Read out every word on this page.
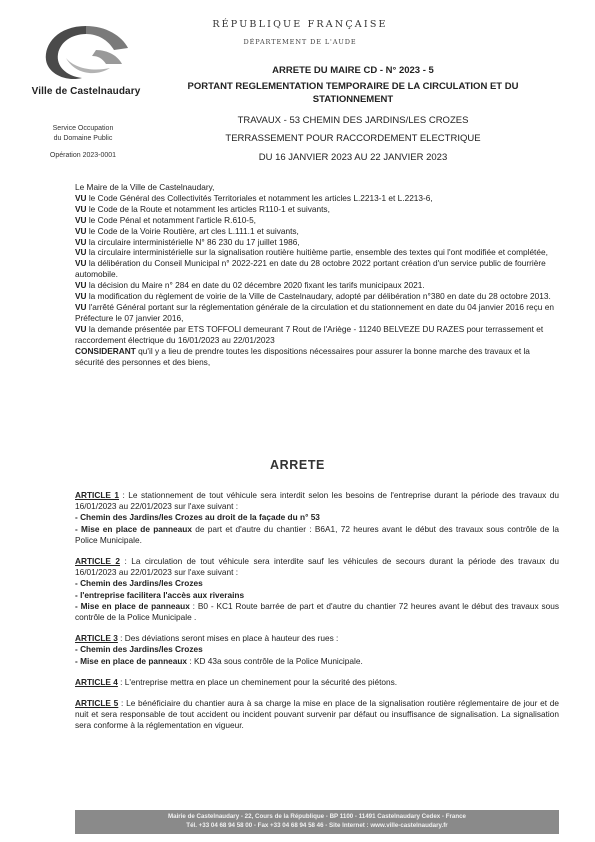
Ville de Castelnaudary
RÉPUBLIQUE FRANÇAISE
DÉPARTEMENT DE L'AUDE

ARRETE DU MAIRE CD - N° 2023 - 5

PORTANT REGLEMENTATION TEMPORAIRE DE LA CIRCULATION ET DU STATIONNEMENT

TRAVAUX - 53 CHEMIN DES JARDINS/LES CROZES

TERRASSEMENT POUR RACCORDEMENT ELECTRIQUE

DU 16 JANVIER 2023 AU 22 JANVIER 2023

Service Occupation
du Domaine Public
Opération 2023-0001

Le Maire de la Ville de Castelnaudary,

VU le Code Général des Collectivités Territoriales et notamment les articles L.2213-1 et L.2213-6,

VU le Code de la Route et notamment les articles R110-1 et suivants,

VU le Code Pénal et notamment l'article R.610-5,

VU le Code de la Voirie Routière, art cles L.111.1 et suivants,

VU la circulaire interministérielle N° 86 230 du 17 juillet 1986,

VU la circulaire interministérielle sur la signalisation routière huitième partie, ensemble des textes qui l'ont modifiée et complétée,

VU la délibération du Conseil Municipal n° 2022-221 en date du 28 octobre 2022 portant création d'un service public de fourrière automobile.

VU la décision du Maire n° 284 en date du 02 décembre 2020 fixant les tarifs municipaux 2021.

VU la modification du règlement de voirie de la Ville de Castelnaudary, adopté par délibération n°380 en date du 28 octobre 2013.

VU l'arrêté Général portant sur la réglementation générale de la circulation et du stationnement en date du 04 janvier 2016 reçu en Préfecture le 07 janvier 2016,

VU la demande présentée par ETS TOFFOLI demeurant 7 Rout de l'Ariège - 11240 BELVEZE DU RAZES pour terrassement et raccordement électrique du 16/01/2023 au 22/01/2023

CONSIDERANT qu'il y a lieu de prendre toutes les dispositions nécessaires pour assurer la bonne marche des travaux et la sécurité des personnes et des biens,

ARRETE

ARTICLE 1 : Le stationnement de tout véhicule sera interdit selon les besoins de l'entreprise durant la période des travaux du 16/01/2023 au 22/01/2023 sur l'axe suivant :

- Chemin des Jardins/les Crozes au droit de la façade du n° 53

- Mise en place de panneaux de part et d'autre du chantier : B6A1, 72 heures avant le début des travaux sous contrôle de la Police Municipale.

ARTICLE 2 : La circulation de tout véhicule sera interdite sauf les véhicules de secours durant la période des travaux du 16/01/2023 au 22/01/2023 sur l'axe suivant :

- Chemin des Jardins/les Crozes

- l'entreprise facilitera l'accès aux riverains

- Mise en place de panneaux : B0 - KC1 Route barrée de part et d'autre du chantier 72 heures avant le début des travaux sous contrôle de la Police Municipale .

ARTICLE 3 : Des déviations seront mises en place à hauteur des rues :

- Chemin des Jardins/les Crozes

- Mise en place de panneaux : KD 43a sous contrôle de la Police Municipale.

ARTICLE 4 : L'entreprise mettra en place un cheminement pour la sécurité des piétons.

ARTICLE 5 : Le bénéficiaire du chantier aura à sa charge la mise en place de la signalisation routière réglementaire de jour et de nuit et sera responsable de tout accident ou incident pouvant survenir par défaut ou insuffisance de signalisation. La signalisation sera conforme à la réglementation en vigueur.

Mairie de Castelnaudary - 22, Cours de la République - BP 1100 - 11491 Castelnaudary Cedex - France
Tél. +33 04 68 94 58 00 - Fax +33 04 68 94 58 46 - Site Internet : www.ville-castelnaudary.fr
